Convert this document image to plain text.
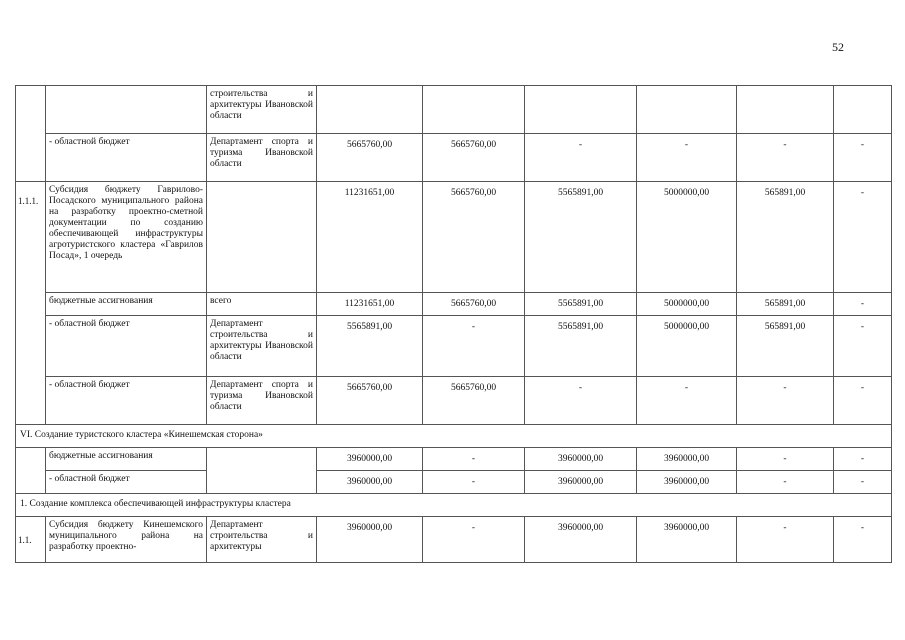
52
		строительства и архитектуры Ивановской области						
	- областной бюджет	Департамент спорта и туризма Ивановской области	5665760,00	5665760,00	-	-	-	-
1.1.1.	Субсидия бюджету Гаврилово-Посадского муниципального района на разработку проектно-сметной документации по созданию обеспечивающей инфраструктуры агротуристского кластера «Гаврилов Посад», 1 очередь		11231651,00	5665760,00	5565891,00	5000000,00	565891,00	-
	бюджетные ассигнования	всего	11231651,00	5665760,00	5565891,00	5000000,00	565891,00	-
	- областной бюджет	Департамент строительства и архитектуры Ивановской области	5565891,00	-	5565891,00	5000000,00	565891,00	-
	- областной бюджет	Департамент спорта и туризма Ивановской области	5665760,00	5665760,00	-	-	-	-
VI. Создание туристского кластера «Кинешемская сторона»								
	бюджетные ассигнования		3960000,00	-	3960000,00	3960000,00	-	-
	- областной бюджет		3960000,00	-	3960000,00	3960000,00	-	-
1. Создание комплекса обеспечивающей инфраструктуры кластера								
1.1.	Субсидия бюджету Кинешемского муниципального района на разработку проектно-	Департамент строительства и архитектуры	3960000,00	-	3960000,00	3960000,00	-	-
